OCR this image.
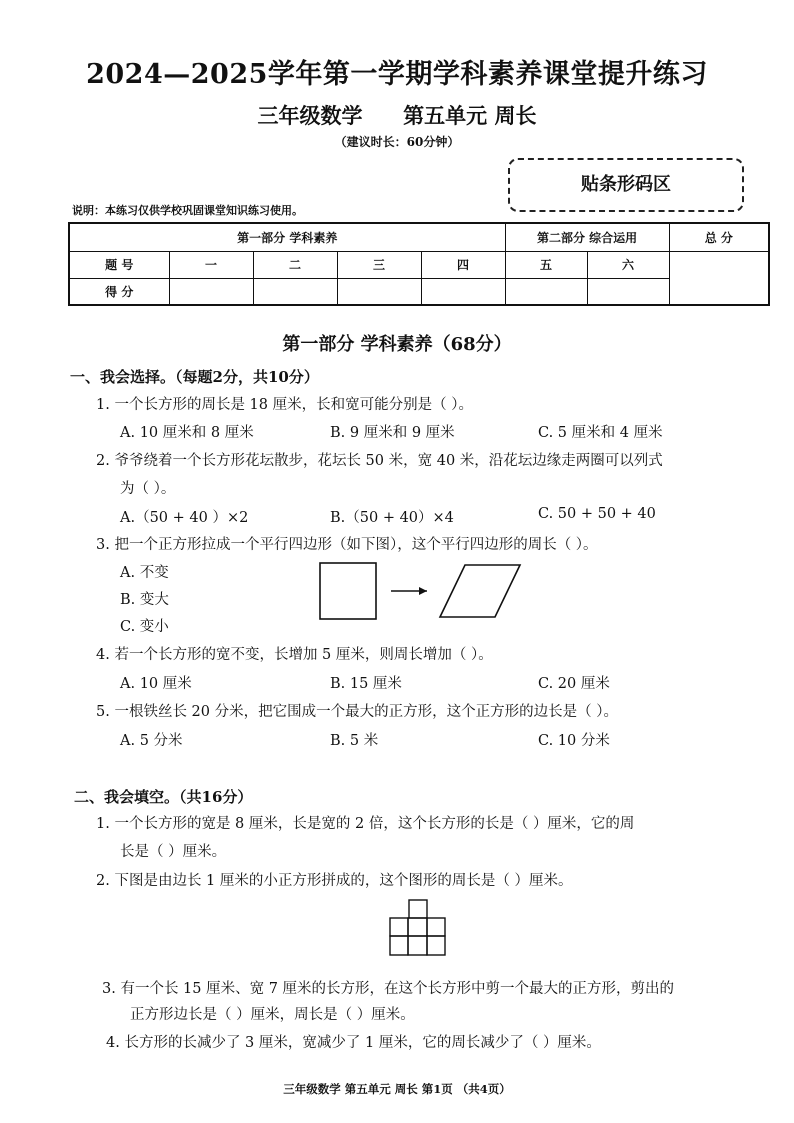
2024—2025学年第一学期学科素养课堂提升练习
三年级数学 第五单元 周长
（建议时长：60分钟）
贴条形码区
说明：本练习仅供学校巩固课堂知识练习使用。
第一部分 学科素养					第二部分 综合运用		总 分
题 号	一	二	三	四	五	六	
得 分							
第一部分 学科素养（68分）
一、我会选择。（每题2分，共10分）
1. 一个长方形的周长是 18 厘米，长和宽可能分别是（ ）。
A. 10 厘米和 8 厘米	B. 9 厘米和 9 厘米	C. 5 厘米和 4 厘米
2. 爷爷绕着一个长方形花坛散步，花坛长 50 米，宽 40 米，沿花坛边缘走两圈可以列式
为（ ）。
A.（50 + 40 ）×2	B.（50 + 40）×4	C. 50 + 50 + 40
3. 把一个正方形拉成一个平行四边形（如下图），这个平行四边形的周长（ ）。
A. 不变
B. 变大
C. 变小
4. 若一个长方形的宽不变，长增加 5 厘米，则周长增加（ ）。
A. 10 厘米	B. 15 厘米	C. 20 厘米
5. 一根铁丝长 20 分米，把它围成一个最大的正方形，这个正方形的边长是（ ）。
A. 5 分米	B. 5 米	C. 10 分米
二、我会填空。（共16分）
1. 一个长方形的宽是 8 厘米，长是宽的 2 倍，这个长方形的长是（ ）厘米，它的周
长是（ ）厘米。
2. 下图是由边长 1 厘米的小正方形拼成的，这个图形的周长是（ ）厘米。
3. 有一个长 15 厘米、宽 7 厘米的长方形，在这个长方形中剪一个最大的正方形，剪出的
正方形边长是（ ）厘米，周长是（ ）厘米。
4. 长方形的长减少了 3 厘米，宽减少了 1 厘米，它的周长减少了（ ）厘米。
三年级数学 第五单元 周长 第1页 （共4页）
